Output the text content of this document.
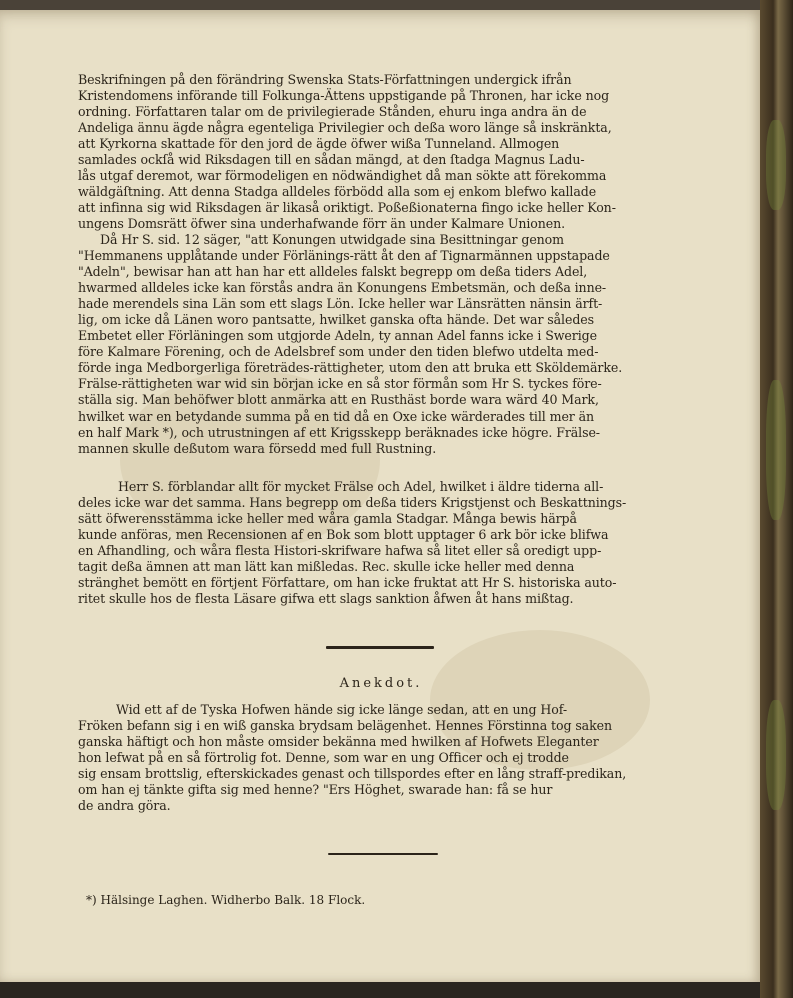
Beskrifningen på den förändring Swenska Stats-Författningen undergick ifrån
Kristendomens införande till Folkunga-Ättens uppstigande på Thronen, har icke nog
ordning. Författaren talar om de privilegierade Stånden, ehuru inga andra än de
Andeliga ännu ägde några egenteliga Privilegier och deßa woro länge så inskränkta,
att Kyrkorna skattade för den jord de ägde öfwer wißa Tunneland. Allmogen
samlades ockſå wid Riksdagen till en sådan mängd, at den ſtadga Magnus Ladu-
lås utgaf deremot, war förmodeligen en nödwändighet då man sökte att förekomma
wäldgäſtning. Att denna Stadga alldeles förbödd alla som ej enkom blefwo kallade
att infinna sig wid Riksdagen är likaså oriktigt. Poßeßionaterna fingo icke heller Kon-
ungens Domsrätt öfwer sina underhafwande förr än under Kalmare Unionen.
Då Hr S. sid. 12 säger, "att Konungen utwidgade sina Besittningar genom
"Hemmanens upplåtande under Förlänings-rätt åt den af Tignarmännen uppstapade
"Adeln", bewisar han att han har ett alldeles falskt begrepp om deßa tiders Adel,
hwarmed alldeles icke kan förstås andra än Konungens Embetsmän, och deßa inne-
hade merendels sina Län som ett slags Lön. Icke heller war Länsrätten nänsin ärft-
lig, om icke då Länen woro pantsatte, hwilket ganska ofta hände. Det war således
Embetet eller Förläningen som utgjorde Adeln, ty annan Adel fanns icke i Swerige
före Kalmare Förening, och de Adelsbref som under den tiden blefwo utdelta med-
förde inga Medborgerliga företrädes-rättigheter, utom den att bruka ett Sköldemärke.
Frälse-rättigheten war wid sin början icke en så stor förmån som Hr S. tyckes före-
ställa sig. Man behöfwer blott anmärka att en Rusthäst borde wara wärd 40 Mark,
hwilket war en betydande summa på en tid då en Oxe icke wärderades till mer än
en half Mark *), och utrustningen af ett Krigsskepp beräknades icke högre. Frälse-
mannen skulle deßutom wara försedd med full Rustning.
Herr S. förblandar allt för mycket Frälse och Adel, hwilket i äldre tiderna all-
deles icke war det samma. Hans begrepp om deßa tiders Krigstjenst och Beskattnings-
sätt öfwerensstämma icke heller med wåra gamla Stadgar. Många bewis härpå
kunde anföras, men Recensionen af en Bok som blott upptager 6 ark bör icke blifwa
en Afhandling, och wåra flesta Histori-skrifware hafwa så litet eller så oredigt upp-
tagit deßa ämnen att man lätt kan mißledas. Rec. skulle icke heller med denna
stränghet bemött en förtjent Författare, om han icke fruktat att Hr S. historiska auto-
ritet skulle hos de flesta Läsare gifwa ett slags sanktion åfwen åt hans mißtag.
Anekdot.
Wid ett af de Tyska Hofwen hände sig icke länge sedan, att en ung Hof-
Fröken befann sig i en wiß ganska brydsam belägenhet. Hennes Förstinna tog saken
ganska häftigt och hon måste omsider bekänna med hwilken af Hofwets Eleganter
hon lefwat på en så förtrolig fot. Denne, som war en ung Officer och ej trodde
sig ensam brottslig, efterskickades genast och tillspordes efter en lång straff-predikan,
om han ej tänkte gifta sig med henne? "Ers Höghet, swarade han: få se hur
de andra göra.
*) Hälsinge Laghen. Widherbo Balk. 18 Flock.
